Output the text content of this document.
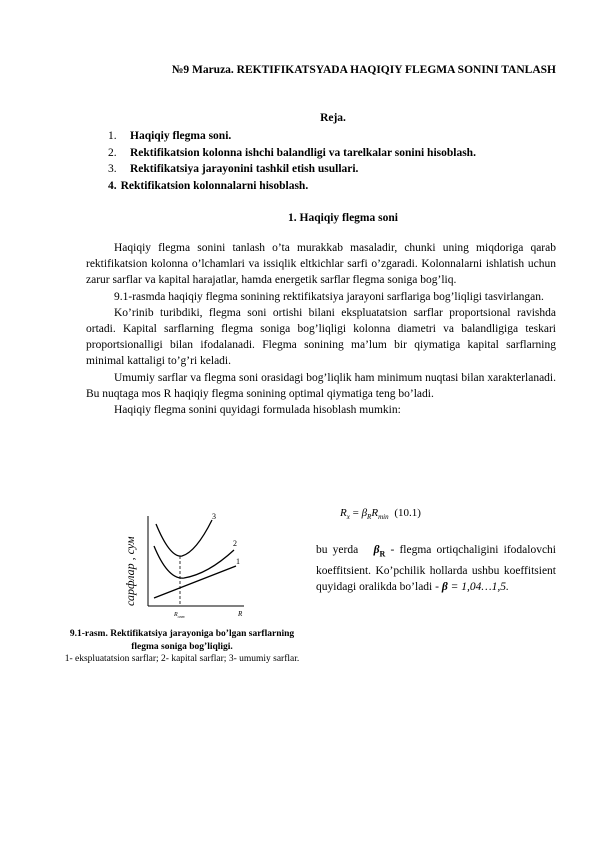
№9 Maruza. REKTIFIKATSYADA HAQIQIY FLEGMA SONINI TANLASH
Reja.
1. Haqiqiy flegma soni.
2. Rektifikatsion kolonna ishchi balandligi va tarelkalar sonini hisoblash.
3. Rektifikatsiya jarayonini tashkil etish usullari.
4. Rektifikatsion kolonnalarni hisoblash.
1. Haqiqiy flegma soni

Haqiqiy flegma sonini tanlash o’ta murakkab masaladir, chunki uning miqdoriga qarab rektifikatsion kolonna o’lchamlari va issiqlik eltkichlar sarfi o’zgaradi. Kolonnalarni ishlatish uchun zarur sarflar va kapital harajatlar, hamda energetik sarflar flegma soniga bog’liq.

9.1-rasmda haqiqiy flegma sonining rektifikatsiya jarayoni sarflariga bog’liqligi tasvirlangan.

Ko’rinib turibdiki, flegma soni ortishi bilani ekspluatatsion sarflar proportsional ravishda ortadi. Kapital sarflarning flegma soniga bog’liqligi kolonna diametri va balandligiga teskari proportsionalligi bilan ifodalanadi. Flegma sonining ma’lum bir qiymatiga kapital sarflarning minimal kattaligi to’g’ri keladi.

Umumiy sarflar va flegma soni orasidagi bog’liqlik ham minimum nuqtasi bilan xarakterlanadi. Bu nuqtaga mos R haqiqiy flegma sonining optimal qiymatiga teng bo’ladi.

Haqiqiy flegma sonini quyidagi formulada hisoblash mumkin:

$R_x = \beta_RR_{min}$ (10.1)
bu yerda $\beta_R$ - flegma ortiqchaligini ifodalovchi koeffitsient. Ko’pchilik hollarda ushbu koeffitsient quyidagi oralikda bo’ladi - β = 1,04…1,5.
сарфлар , сум
3
2
1
$R_{опт}$	R
9.1-rasm. Rektifikatsiya jarayoniga bo’lgan sarflarning flegma soniga bog’liqligi.
1- ekspluatatsion sarflar; 2- kapital sarflar; 3- umumiy sarflar.
